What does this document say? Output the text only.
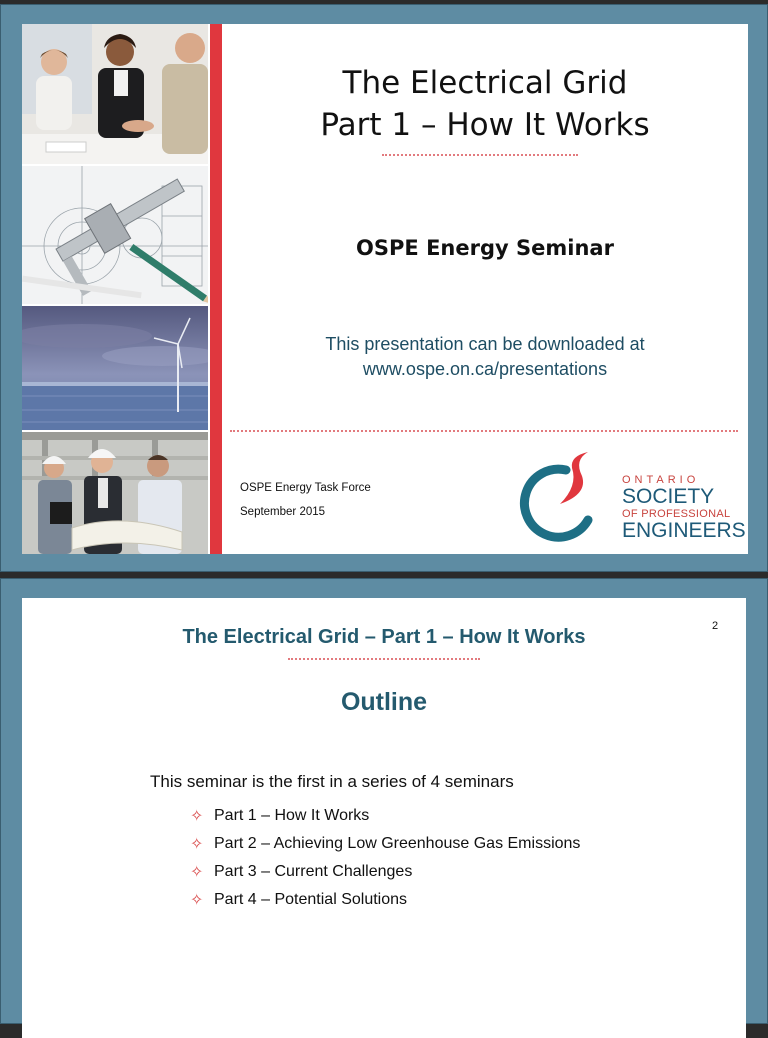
The Electrical Grid
Part 1 – How It Works
OSPE Energy Seminar
This presentation can be downloaded at
www.ospe.on.ca/presentations
OSPE Energy Task Force
September 2015
ONTARIO
SOCIETY
OF PROFESSIONAL
ENGINEERS
The Electrical Grid – Part 1 – How It Works	2
Outline
This seminar is the first in a series of 4 seminars
✧ Part 1 – How It Works
✧ Part 2 – Achieving Low Greenhouse Gas Emissions
✧ Part 3 – Current Challenges
✧ Part 4 – Potential Solutions
